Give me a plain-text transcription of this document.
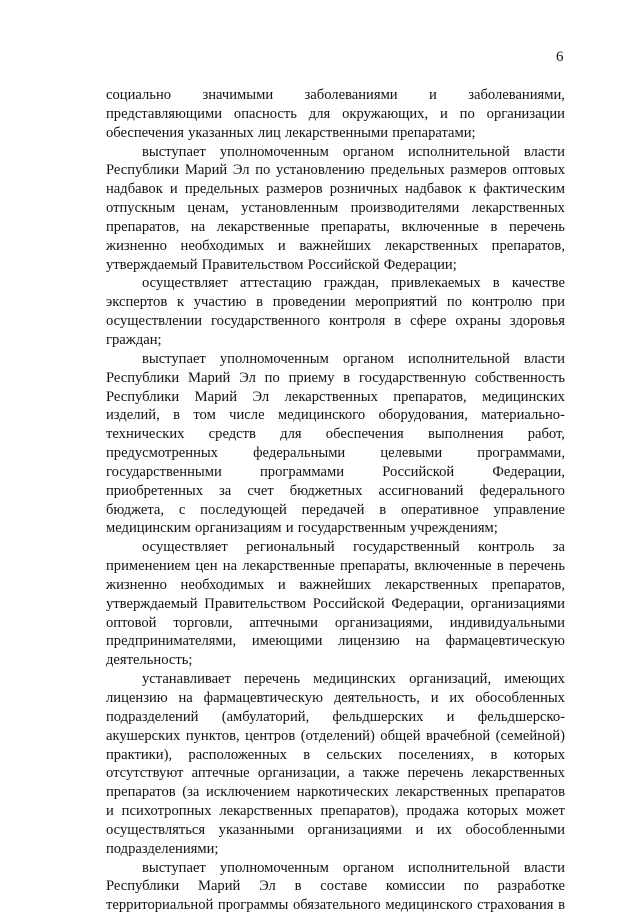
6
социально значимыми заболеваниями и заболеваниями,
представляющими опасность для окружающих, и по организации
обеспечения указанных лиц лекарственными препаратами;
выступает уполномоченным органом исполнительной власти
Республики Марий Эл по установлению предельных размеров оптовых
надбавок и предельных размеров розничных надбавок к фактическим
отпускным ценам, установленным производителями лекарственных
препаратов, на лекарственные препараты, включенные в перечень
жизненно необходимых и важнейших лекарственных препаратов,
утверждаемый Правительством Российской Федерации;
осуществляет аттестацию граждан, привлекаемых в качестве
экспертов к участию в проведении мероприятий по контролю при
осуществлении государственного контроля в сфере охраны здоровья
граждан;
выступает уполномоченным органом исполнительной власти
Республики Марий Эл по приему в государственную собственность
Республики Марий Эл лекарственных препаратов, медицинских
изделий, в том числе медицинского оборудования, материально-
технических средств для обеспечения выполнения работ,
предусмотренных федеральными целевыми программами,
государственными	программами	Российской	Федерации,
приобретенных за счет бюджетных ассигнований федерального
бюджета, с последующей передачей в оперативное управление
медицинским организациям и государственным учреждениям;
осуществляет региональный государственный контроль за
применением цен на лекарственные препараты, включенные в перечень
жизненно необходимых и важнейших лекарственных препаратов,
утверждаемый Правительством Российской Федерации, организациями
оптовой торговли, аптечными организациями, индивидуальными
предпринимателями, имеющими лицензию на фармацевтическую
деятельность;
устанавливает перечень медицинских организаций, имеющих
лицензию на фармацевтическую деятельность, и их обособленных
подразделений (амбулаторий, фельдшерских и фельдшерско-
акушерских пунктов, центров (отделений) общей врачебной (семейной)
практики), расположенных в сельских поселениях, в которых
отсутствуют аптечные организации, а также перечень лекарственных
препаратов (за исключением наркотических лекарственных препаратов
и психотропных лекарственных препаратов), продажа которых может
осуществляться указанными организациями и их обособленными
подразделениями;
выступает уполномоченным органом исполнительной власти
Республики Марий Эл в составе комиссии по разработке
территориальной программы обязательного медицинского страхования в
